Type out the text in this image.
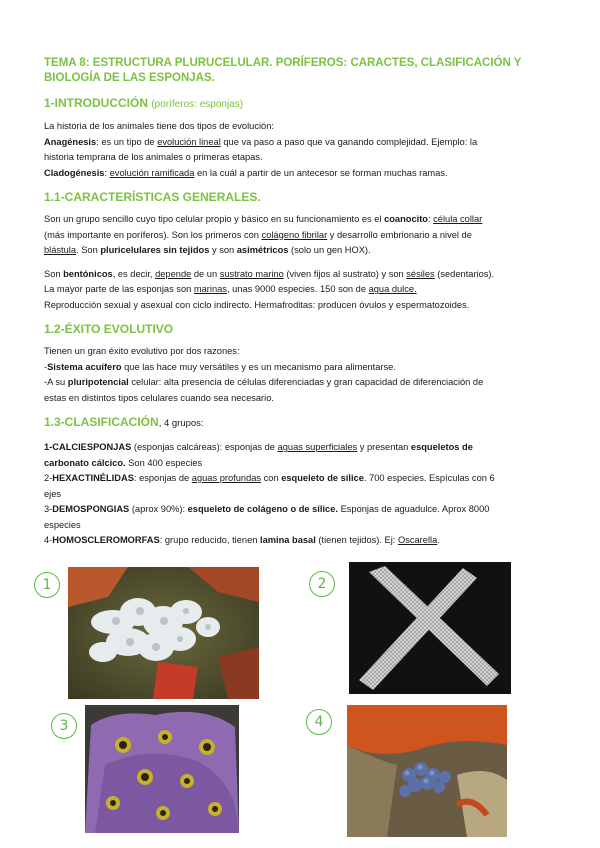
TEMA 8: ESTRUCTURA PLURUCELULAR. PORÍFEROS: CARACTES, CLASIFICACIÓN Y
BIOLOGÍA DE LAS ESPONJAS.
1-INTRODUCCIÓN (poríferos: esponjas)

La historia de los animales tiene dos tipos de evolución:

Anagénesis: es un tipo de evolución lineal que va paso a paso que va ganando complejidad. Ejemplo: la

historia temprana de los animales o primeras etapas.

Cladogénesis: evolución ramificada en la cuál a partir de un antecesor se forman muchas ramas.

1.1-CARACTERÍSTICAS GENERALES.

Son un grupo sencillo cuyo tipo celular propio y básico en su funcionamiento es el coanocito: célula collar

(más importante en poríferos). Son los primeros con colágeno fibrilar y desarrollo embrionario a nivel de

blástula. Son pluricelulares sin tejidos y son asimétricos (solo un gen HOX).

Son bentónicos, es decir, depende de un sustrato marino (viven fijos al sustrato) y son sésiles (sedentarios).

La mayor parte de las esponjas son marinas, unas 9000 especies. 150 son de agua dulce.

Reproducción sexual y asexual con ciclo indirecto. Hermafroditas: producen óvulos y espermatozoides.

1.2-ÉXITO EVOLUTIVO

Tienen un gran éxito evolutivo por dos razones:

-Sistema acuífero que las hace muy versátiles y es un mecanismo para alimentarse.

-A su pluripotencial celular: alta presencia de células diferenciadas y gran capacidad de diferenciación de

estas en distintos tipos celulares cuando sea necesario.

1.3-CLASIFICACIÓN, 4 grupos:

1-CALCIESPONJAS (esponjas calcáreas): esponjas de aguas superficiales y presentan esqueletos de

carbonato cálcico. Son 400 especies

2-HEXACTINÉLIDAS: esponjas de aguas profundas con esqueleto de sílice. 700 especies. Espículas con 6

ejes

3-DEMOSPONGIAS (aprox 90%): esqueleto de colágeno o de sílice. Esponjas de aguadulce. Aprox 8000

especies

4-HOMOSCLEROMORFAS: grupo reducido, tienen lamina basal (tienen tejidos). Ej: Oscarella.

1	2
3	4
